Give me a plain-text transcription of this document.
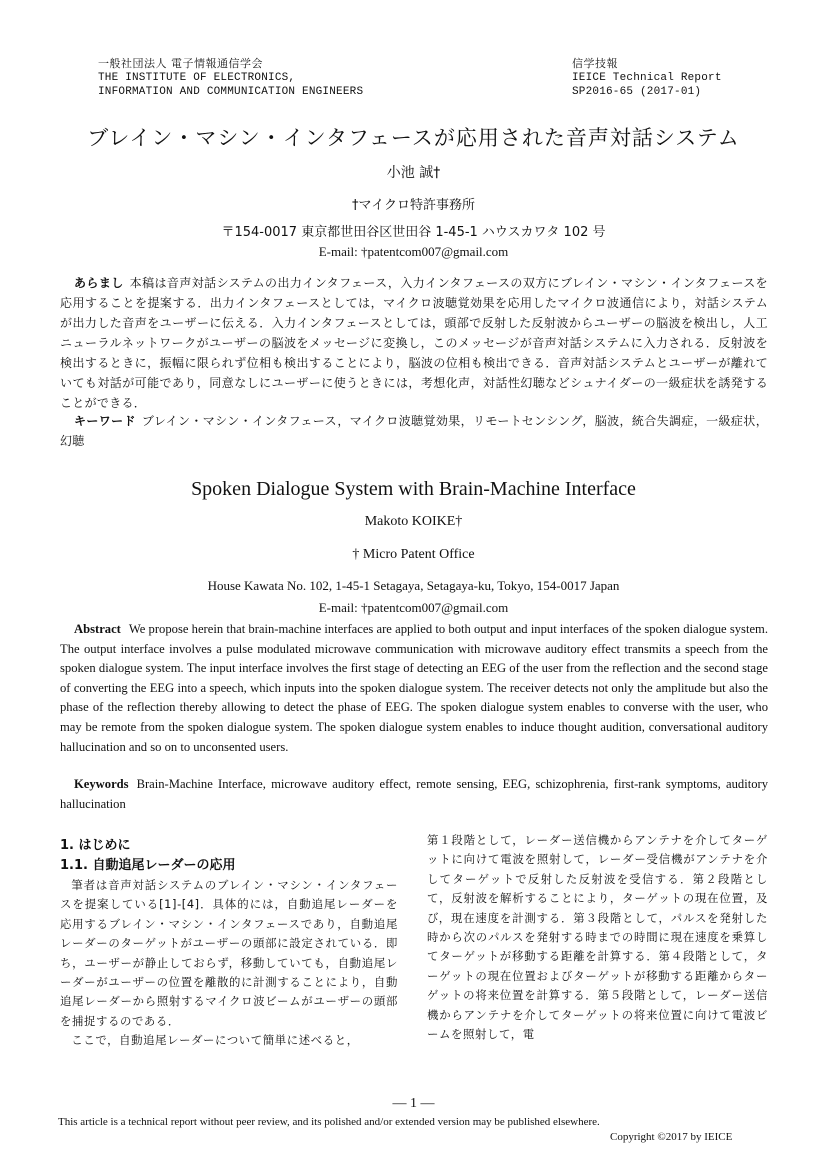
一般社団法人 電子情報通信学会
THE INSTITUTE OF ELECTRONICS,
INFORMATION AND COMMUNICATION ENGINEERS
信学技報
IEICE Technical Report
SP2016-65 (2017-01)
ブレイン・マシン・インタフェースが応用された音声対話システム
小池 誠†
†マイクロ特許事務所
〒154-0017 東京都世田谷区世田谷 1-45-1 ハウスカワタ 102 号
E-mail: †patentcom007@gmail.com

あらまし 本稿は音声対話システムの出力インタフェース，入力インタフェースの双方にブレイン・マシン・インタフェースを応用することを提案する．出力インタフェースとしては，マイクロ波聴覚効果を応用したマイクロ波通信により，対話システムが出力した音声をユーザーに伝える．入力インタフェースとしては，頭部で反射した反射波からユーザーの脳波を検出し，人工ニューラルネットワークがユーザーの脳波をメッセージに変換し，このメッセージが音声対話システムに入力される．反射波を検出するときに，振幅に限られず位相も検出することにより，脳波の位相も検出できる．音声対話システムとユーザーが離れていても対話が可能であり，同意なしにユーザーに使うときには，考想化声，対話性幻聴などシュナイダーの一級症状を誘発することができる．

キーワード ブレイン・マシン・インタフェース，マイクロ波聴覚効果，リモートセンシング，脳波，統合失調症，一級症状，幻聴

Spoken Dialogue System with Brain-Machine Interface
Makoto KOIKE†
† Micro Patent Office
House Kawata No. 102, 1-45-1 Setagaya, Setagaya-ku, Tokyo, 154-0017 Japan
E-mail: †patentcom007@gmail.com

Abstract We propose herein that brain-machine interfaces are applied to both output and input interfaces of the spoken dialogue system. The output interface involves a pulse modulated microwave communication with microwave auditory effect transmits a speech from the spoken dialogue system. The input interface involves the first stage of detecting an EEG of the user from the reflection and the second stage of converting the EEG into a speech, which inputs into the spoken dialogue system. The receiver detects not only the amplitude but also the phase of the reflection thereby allowing to detect the phase of EEG. The spoken dialogue system enables to converse with the user, who may be remote from the spoken dialogue system. The spoken dialogue system enables to induce thought audition, conversational auditory hallucination and so on to unconsented users.

Keywords Brain-Machine Interface, microwave auditory effect, remote sensing, EEG, schizophrenia, first-rank symptoms, auditory hallucination

1. はじめに
1.1. 自動追尾レーダーの応用

筆者は音声対話システムのブレイン・マシン・インタフェースを提案している[1]-[4]．具体的には，自動追尾レーダーを応用するブレイン・マシン・インタフェースであり，自動追尾レーダーのターゲットがユーザーの頭部に設定されている．即ち，ユーザーが静止しておらず，移動していても，自動追尾レーダーがユーザーの位置を離散的に計測することにより，自動追尾レーダーから照射するマイクロ波ビームがユーザーの頭部を捕捉するのである．

ここで，自動追尾レーダーについて簡単に述べると，

第１段階として，レーダー送信機からアンテナを介してターゲットに向けて電波を照射して，レーダー受信機がアンテナを介してターゲットで反射した反射波を受信する．第２段階として，反射波を解析することにより，ターゲットの現在位置，及び，現在速度を計測する．第３段階として，パルスを発射した時から次のパルスを発射する時までの時間に現在速度を乗算してターゲットが移動する距離を計算する．第４段階として，ターゲットの現在位置およびターゲットが移動する距離からターゲットの将来位置を計算する．第５段階として，レーダー送信機からアンテナを介してターゲットの将来位置に向けて電波ビームを照射して，電

— 1 —
This article is a technical report without peer review, and its polished and/or extended version may be published elsewhere.
Copyright ©2017 by IEICE
